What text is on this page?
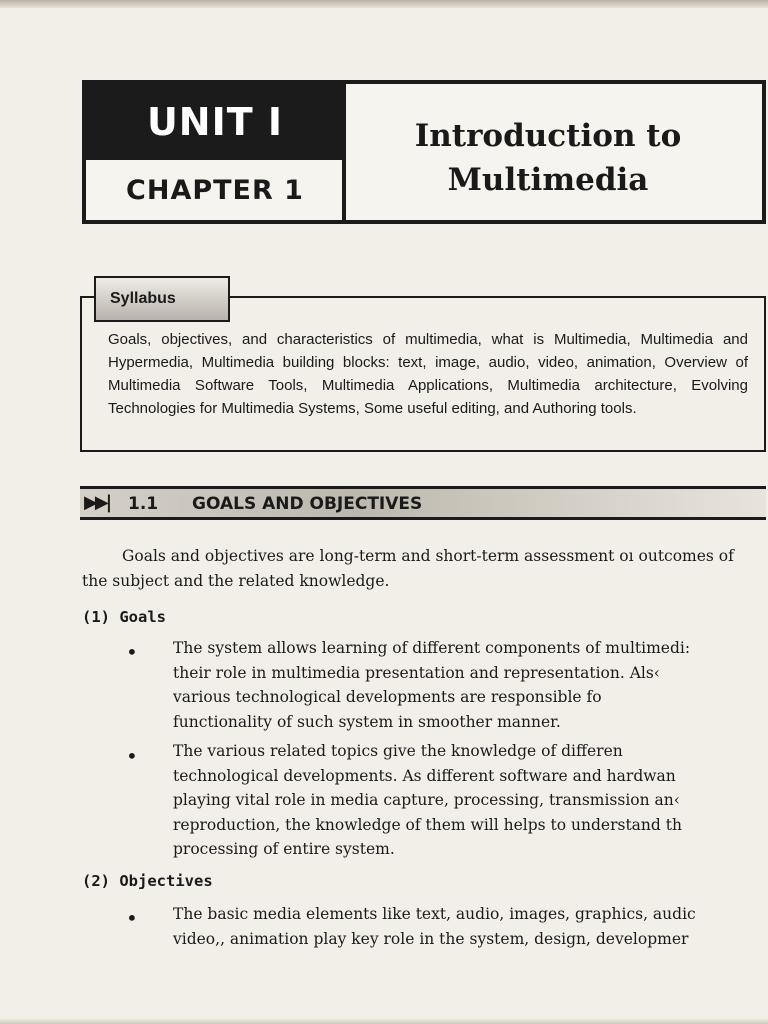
UNIT I
CHAPTER 1
Introduction to
Multimedia
Syllabus
Goals, objectives, and characteristics of multimedia, what is Multimedia, Multimedia and Hypermedia, Multimedia building blocks: text, image, audio, video, animation, Overview of Multimedia Software Tools, Multimedia Applications, Multimedia architecture, Evolving Technologies for Multimedia Systems, Some useful editing, and Authoring tools.
▶▶| 1.1 GOALS AND OBJECTIVES
Goals and objectives are long-term and short-term assessment oı outcomes of the subject and the related knowledge.
(1) Goals
• The system allows learning of different components of multimedi:
their role in multimedia presentation and representation. Als‹
various technological developments are responsible fo
functionality of such system in smoother manner.
• The various related topics give the knowledge of differen
technological developments. As different software and hardwan
playing vital role in media capture, processing, transmission an‹
reproduction, the knowledge of them will helps to understand th
processing of entire system.
(2) Objectives
• The basic media elements like text, audio, images, graphics, audic
video,, animation play key role in the system, design, developmer
